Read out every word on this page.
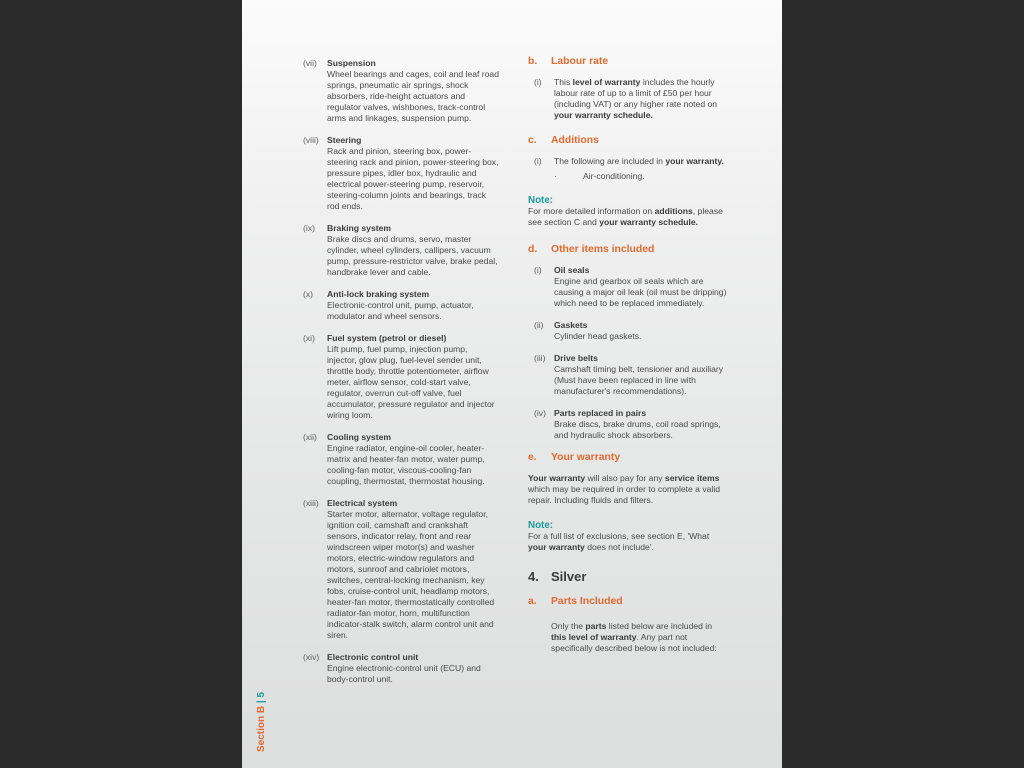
(vii)	Suspension
Wheel bearings and cages, coil and leaf road springs, pneumatic air springs, shock absorbers, ride-height actuators and regulator valves, wishbones, track-control arms and linkages, suspension pump.
(viii) Steering
Rack and pinion, steering box, power-steering rack and pinion, power-steering box, pressure pipes, idler box, hydraulic and electrical power-steering pump, reservoir, steering-column joints and bearings, track rod ends.
(ix)	Braking system
Brake discs and drums, servo, master cylinder, wheel cylinders, callipers, vacuum pump, pressure-restrictor valve, brake pedal, handbrake lever and cable.
(x)	Anti-lock braking system
Electronic-control unit, pump, actuator, modulator and wheel sensors.
(xi)	Fuel system (petrol or diesel)
Lift pump, fuel pump, injection pump, injector, glow plug, fuel-level sender unit, throttle body, throttle potentiometer, airflow meter, airflow sensor, cold-start valve, regulator, overrun cut-off valve, fuel accumulator, pressure regulator and injector wiring loom.
(xii)	Cooling system
Engine radiator, engine-oil cooler, heater-matrix and heater-fan motor, water pump, cooling-fan motor, viscous-cooling-fan coupling, thermostat, thermostat housing.
(xiii) Electrical system
Starter motor, alternator, voltage regulator, ignition coil, camshaft and crankshaft sensors, indicator relay, front and rear windscreen wiper motor(s) and washer motors, electric-window regulators and motors, sunroof and cabriolet motors, switches, central-locking mechanism, key fobs, cruise-control unit, headlamp motors, heater-fan motor, thermostatically controlled radiator-fan motor, horn, multifunction indicator-stalk switch, alarm control unit and siren.
(xiv) Electronic control unit
Engine electronic-control unit (ECU) and body-control unit.
b.	Labour rate
(i)	This level of warranty includes the hourly labour rate of up to a limit of £50 per hour (including VAT) or any higher rate noted on your warranty schedule.
c.	Additions
(i)	The following are included in your warranty.
·	Air-conditioning.
Note:
For more detailed information on additions, please see section C and your warranty schedule.
d.	Other items included
(i)	Oil seals
Engine and gearbox oil seals which are causing a major oil leak (oil must be dripping) which need to be replaced immediately.
(ii)	Gaskets
Cylinder head gaskets.
(iii) Drive belts
Camshaft timing belt, tensioner and auxiliary (Must have been replaced in line with manufacturer's recommendations).
(iv) Parts replaced in pairs
Brake discs, brake drums, coil road springs, and hydraulic shock absorbers.
e.	Your warranty
Your warranty will also pay for any service items which may be required in order to complete a valid repair. Including fluids and filters.
Note:
For a full list of exclusions, see section E, 'What your warranty does not include'.
4. Silver
a.	Parts Included
Only the parts listed below are included in this level of warranty. Any part not specifically described below is not included:
Section B | 5
